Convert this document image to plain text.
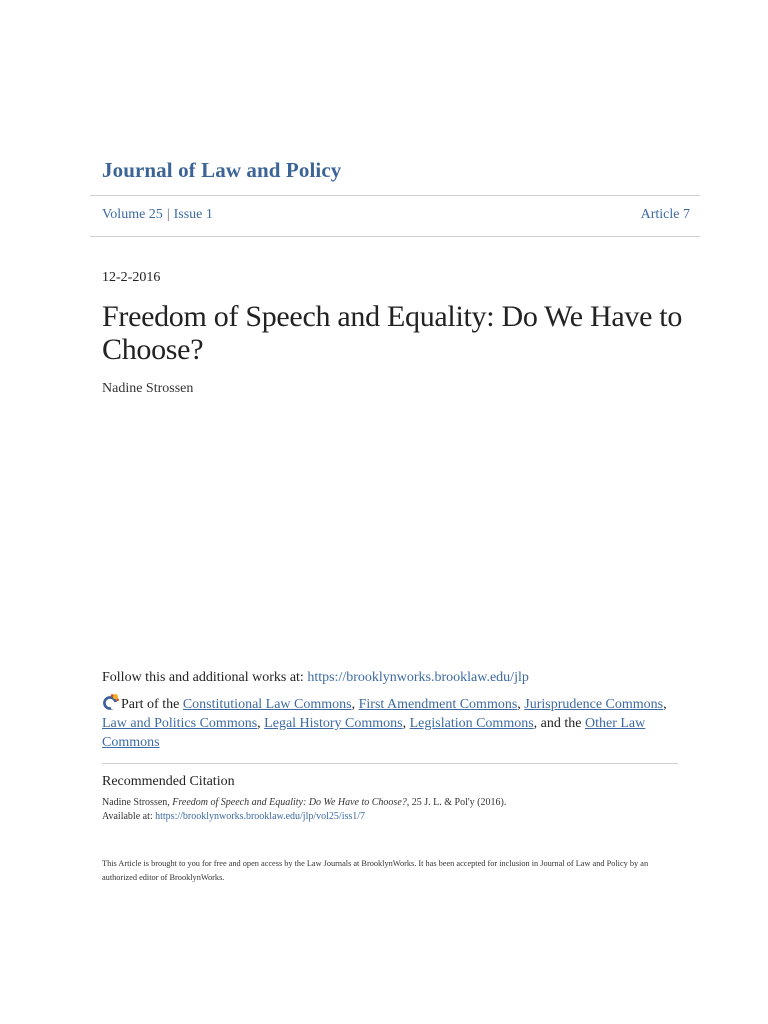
Journal of Law and Policy
Volume 25 | Issue 1	Article 7
12-2-2016
Freedom of Speech and Equality: Do We Have to Choose?
Nadine Strossen
Follow this and additional works at: https://brooklynworks.brooklaw.edu/jlp
Part of the Constitutional Law Commons, First Amendment Commons, Jurisprudence Commons, Law and Politics Commons, Legal History Commons, Legislation Commons, and the Other Law Commons
Recommended Citation
Nadine Strossen, Freedom of Speech and Equality: Do We Have to Choose?, 25 J. L. & Pol'y (2016).
Available at: https://brooklynworks.brooklaw.edu/jlp/vol25/iss1/7
This Article is brought to you for free and open access by the Law Journals at BrooklynWorks. It has been accepted for inclusion in Journal of Law and Policy by an authorized editor of BrooklynWorks.
